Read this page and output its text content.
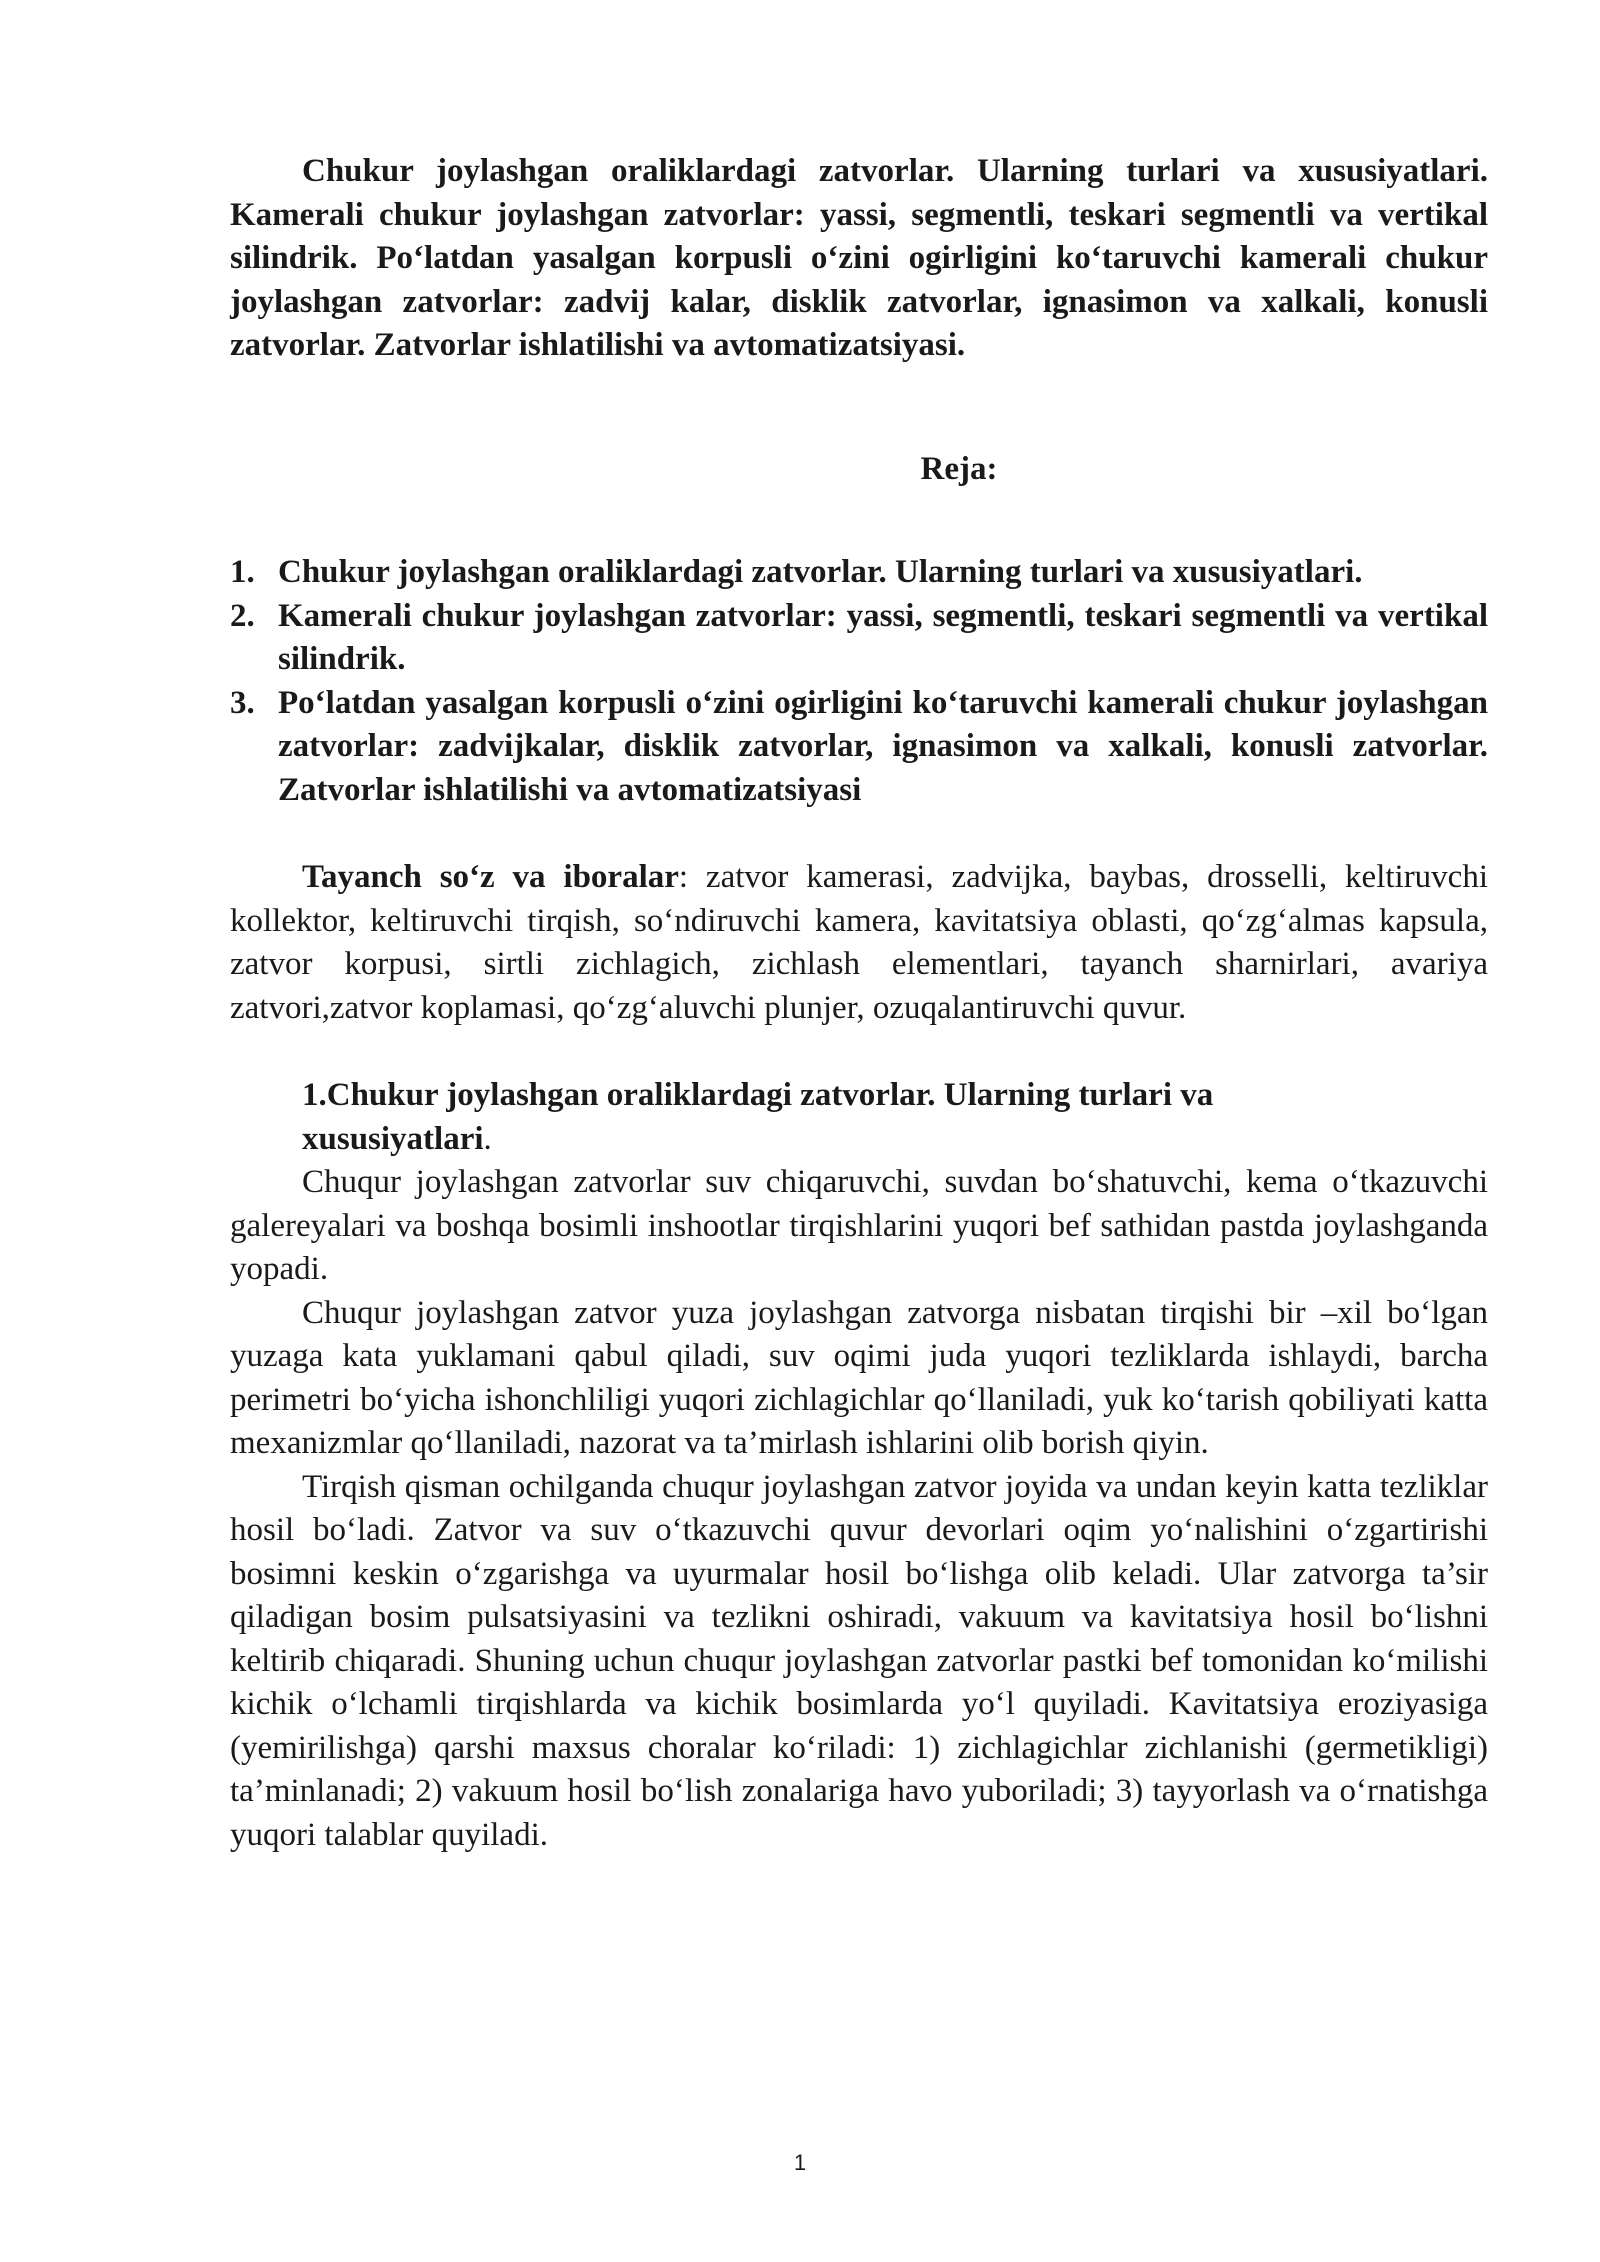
Chukur joylashgan oraliklardagi zatvorlar. Ularning turlari va xususiyatlari. Kamerali chukur joylashgan zatvorlar: yassi, segmentli, teskari segmentli va vertikal silindrik. Po‘latdan yasalgan korpusli o‘zini ogirligini ko‘taruvchi kamerali chukur joylashgan zatvorlar: zadvij kalar, disklik zatvorlar, ignasimon va xalkali, konusli zatvorlar. Zatvorlar ishlatilishi va avtomatizatsiyasi.

Reja:
1. Chukur joylashgan oraliklardagi zatvorlar. Ularning turlari va xususiyatlari.
2. Kamerali chukur joylashgan zatvorlar: yassi, segmentli, teskari segmentli va vertikal silindrik.
3. Po‘latdan yasalgan korpusli o‘zini ogirligini ko‘taruvchi kamerali chukur joylashgan zatvorlar: zadvijkalar, disklik zatvorlar, ignasimon va xalkali, konusli zatvorlar. Zatvorlar ishlatilishi va avtomatizatsiyasi

Tayanch so‘z va iboralar: zatvor kamerasi, zadvijka, baybas, drosselli, keltiruvchi kollektor, keltiruvchi tirqish, so‘ndiruvchi kamera, kavitatsiya oblasti, qo‘zg‘almas kapsula, zatvor korpusi, sirtli zichlagich, zichlash elementlari, tayanch sharnirlari, avariya zatvori,zatvor koplamasi, qo‘zg‘aluvchi plunjer, ozuqalantiruvchi quvur.

1.Chukur joylashgan oraliklardagi zatvorlar. Ularning turlari va xususiyatlari.

Chuqur joylashgan zatvorlar suv chiqaruvchi, suvdan bo‘shatuvchi, kema o‘tkazuvchi galereyalari va boshqa bosimli inshootlar tirqishlarini yuqori bef sathidan pastda joylashganda yopadi.

Chuqur joylashgan zatvor yuza joylashgan zatvorga nisbatan tirqishi bir –xil bo‘lgan yuzaga kata yuklamani qabul qiladi, suv oqimi juda yuqori tezliklarda ishlaydi, barcha perimetri bo‘yicha ishonchliligi yuqori zichlagichlar qo‘llaniladi, yuk ko‘tarish qobiliyati katta mexanizmlar qo‘llaniladi, nazorat va ta’mirlash ishlarini olib borish qiyin.

Tirqish qisman ochilganda chuqur joylashgan zatvor joyida va undan keyin katta tezliklar hosil bo‘ladi. Zatvor va suv o‘tkazuvchi quvur devorlari oqim yo‘nalishini o‘zgartirishi bosimni keskin o‘zgarishga va uyurmalar hosil bo‘lishga olib keladi. Ular zatvorga ta’sir qiladigan bosim pulsatsiyasini va tezlikni oshiradi, vakuum va kavitatsiya hosil bo‘lishni keltirib chiqaradi. Shuning uchun chuqur joylashgan zatvorlar pastki bef tomonidan ko‘milishi kichik o‘lchamli tirqishlarda va kichik bosimlarda yo‘l quyiladi. Kavitatsiya eroziyasiga (yemirilishga) qarshi maxsus choralar ko‘riladi: 1) zichlagichlar zichlanishi (germetikligi) ta’minlanadi; 2) vakuum hosil bo‘lish zonalariga havo yuboriladi; 3) tayyorlash va o‘rnatishga yuqori talablar quyiladi.

1
